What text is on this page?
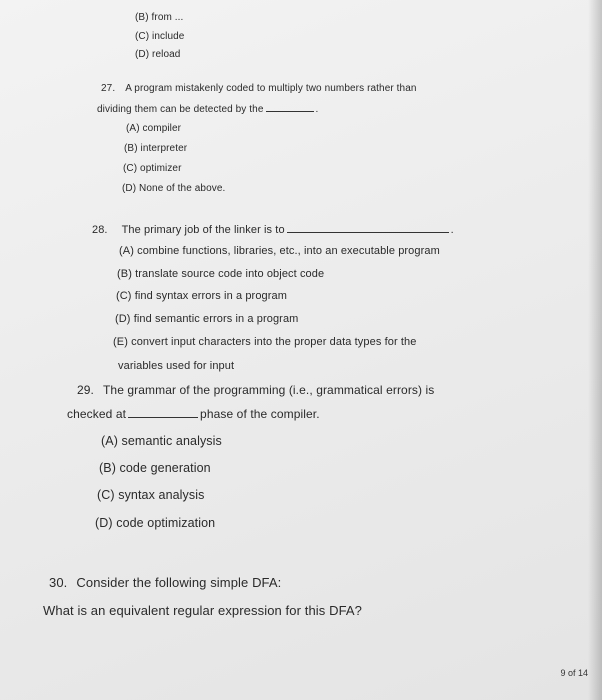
(B) from ...
(C) include
(D) reload
27. A program mistakenly coded to multiply two numbers rather than
dividing them can be detected by the	.
(A) compiler
(B) interpreter
(C) optimizer
(D) None of the above.
28. The primary job of the linker is to	.
(A) combine functions, libraries, etc., into an executable program
(B) translate source code into object code
(C) find syntax errors in a program
(D) find semantic errors in a program
(E) convert input characters into the proper data types for the
variables used for input
29. The grammar of the programming (i.e., grammatical errors) is
checked at	phase of the compiler.
(A) semantic analysis
(B) code generation
(C) syntax analysis
(D) code optimization
30. Consider the following simple DFA:
What is an equivalent regular expression for this DFA?
9 of 14
